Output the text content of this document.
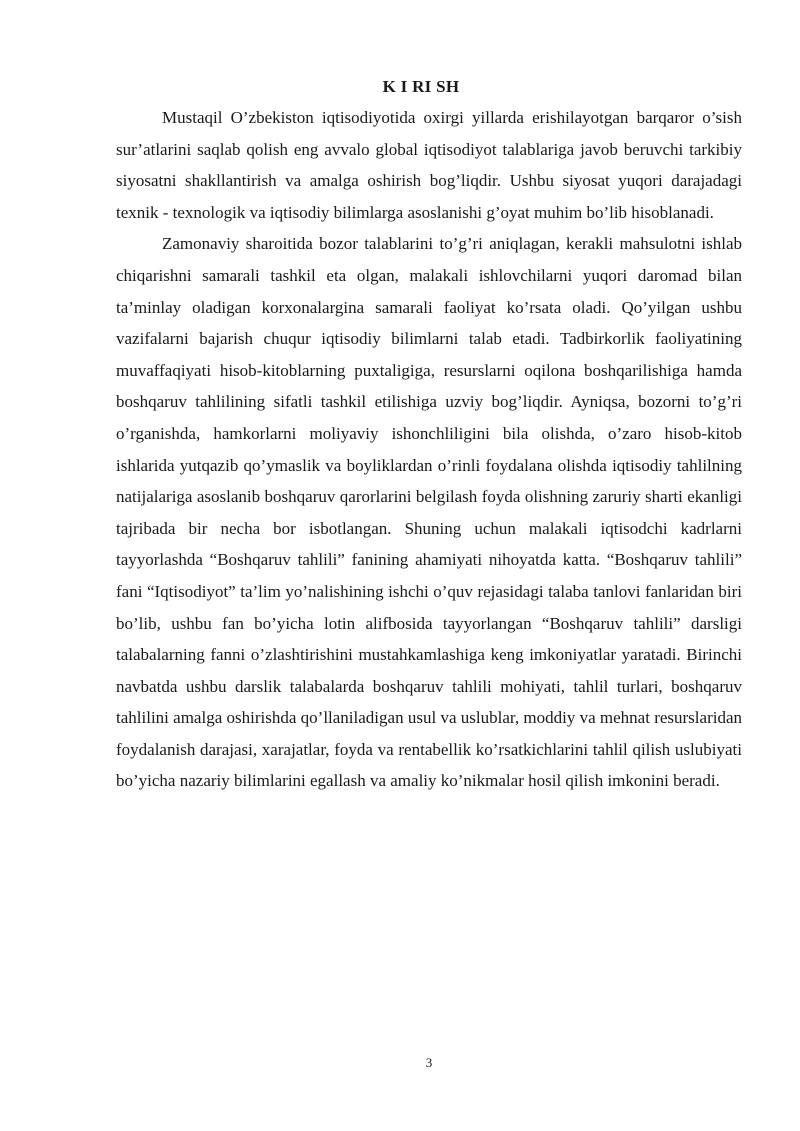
K I RI SH

Mustaqil O’zbekiston iqtisodiyotida oxirgi yillarda erishilayotgan barqaror o’sish sur’atlarini saqlab qolish eng avvalo global iqtisodiyot talablariga javob beruvchi tarkibiy siyosatni shakllantirish va amalga oshirish bog’liqdir. Ushbu siyosat yuqori darajadagi texnik - texnologik va iqtisodiy bilimlarga asoslanishi g’oyat muhim bo’lib hisoblanadi.

Zamonaviy sharoitida bozor talablarini to’g’ri aniqlagan, kerakli mahsulotni ishlab chiqarishni samarali tashkil eta olgan, malakali ishlovchilarni yuqori daromad bilan ta’minlay oladigan korxonalargina samarali faoliyat ko’rsata oladi. Qo’yilgan ushbu vazifalarni bajarish chuqur iqtisodiy bilimlarni talab etadi. Tadbirkorlik faoliyatining muvaffaqiyati hisob-kitoblarning puxtaligiga, resurslarni oqilona boshqarilishiga hamda boshqaruv tahlilining sifatli tashkil etilishiga uzviy bog’liqdir. Ayniqsa, bozorni to’g’ri o’rganishda, hamkorlarni moliyaviy ishonchliligini bila olishda, o’zaro hisob-kitob ishlarida yutqazib qo’ymaslik va boyliklardan o’rinli foydalana olishda iqtisodiy tahlilning natijalariga asoslanib boshqaruv qarorlarini belgilash foyda olishning zaruriy sharti ekanligi tajribada bir necha bor isbotlangan. Shuning uchun malakali iqtisodchi kadrlarni tayyorlashda “Boshqaruv tahlili” fanining ahamiyati nihoyatda katta. “Boshqaruv tahlili” fani “Iqtisodiyot” ta’lim yo’nalishining ishchi o’quv rejasidagi talaba tanlovi fanlaridan biri bo’lib, ushbu fan bo’yicha lotin alifbosida tayyorlangan “Boshqaruv tahlili” darsligi talabalarning fanni o’zlashtirishini mustahkamlashiga keng imkoniyatlar yaratadi. Birinchi navbatda ushbu darslik talabalarda boshqaruv tahlili mohiyati, tahlil turlari, boshqaruv tahlilini amalga oshirishda qo’llaniladigan usul va uslublar, moddiy va mehnat resurslaridan foydalanish darajasi, xarajatlar, foyda va rentabellik ko’rsatkichlarini tahlil qilish uslubiyati bo’yicha nazariy bilimlarini egallash va amaliy ko’nikmalar hosil qilish imkonini beradi.

3
